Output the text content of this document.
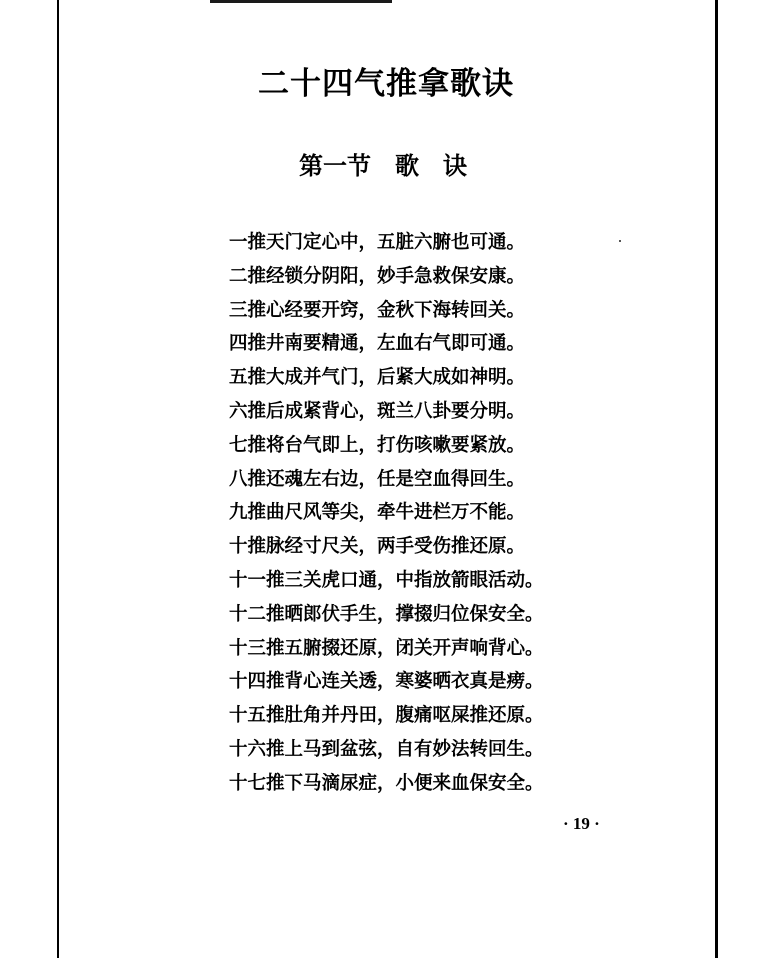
二十四气推拿歌诀
第一节　歌　诀
一推天门定心中，五脏六腑也可通。
二推经锁分阴阳，妙手急救保安康。
三推心经要开窍，金秋下海转回关。
四推井南要精通，左血右气即可通。
五推大成并气门，后紧大成如神明。
六推后成紧背心，斑兰八卦要分明。
七推将台气即上，打伤咳嗽要紧放。
八推还魂左右边，任是空血得回生。
九推曲尺风等尖，牵牛进栏万不能。
十推脉经寸尺关，两手受伤推还原。
十一推三关虎口通，中指放箭眼活动。
十二推晒郎伏手生，撑掇归位保安全。
十三推五腑掇还原，闭关开声响背心。
十四推背心连关透，寒婆晒衣真是痨。
十五推肚角并丹田，腹痛呕屎推还原。
十六推上马到盆弦，自有妙法转回生。
十七推下马滴尿症，小便来血保安全。
· 19 ·
